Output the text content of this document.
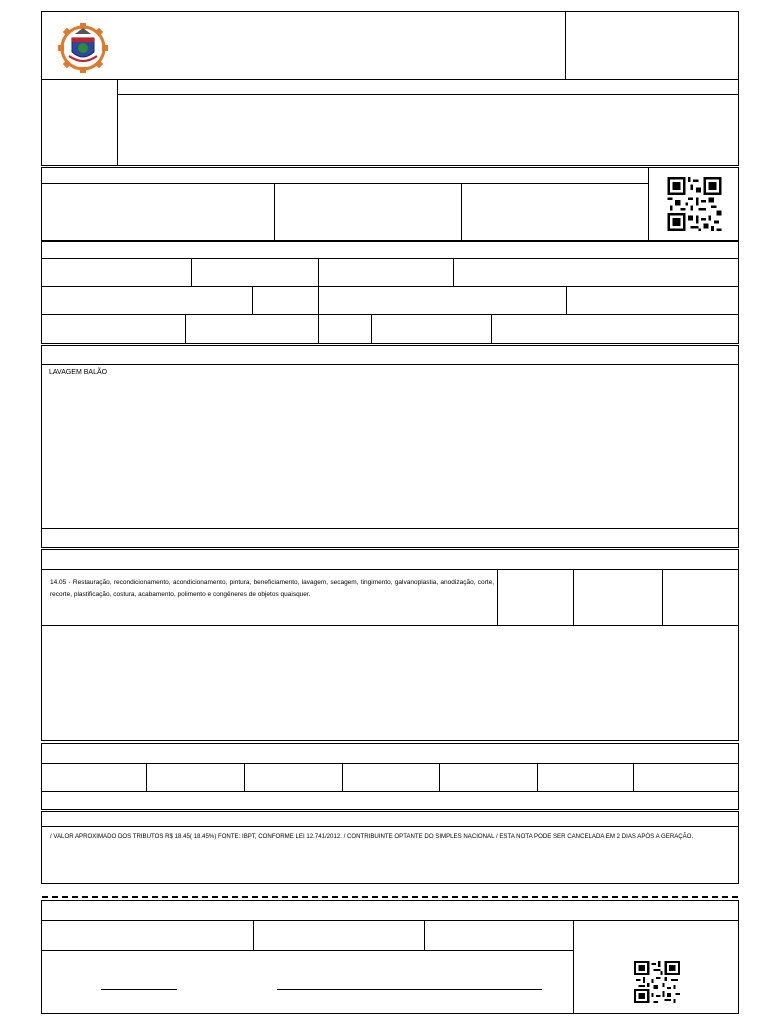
LAVAGEM BALÃO
14.05 - Restauração, recondicionamento, acondicionamento, pintura, beneficiamento, lavagem, secagem, tingimento, galvanoplastia, anodização, corte, recorte, plastificação, costura, acabamento, polimento e congêneres de objetos quaisquer.
/ VALOR APROXIMADO DOS TRIBUTOS R$ 18.45( 18.45%) FONTE: IBPT, CONFORME LEI 12.741/2012. / CONTRIBUINTE OPTANTE DO SIMPLES NACIONAL / ESTA NOTA PODE SER CANCELADA EM 2 DIAS APÓS A GERAÇÃO.
